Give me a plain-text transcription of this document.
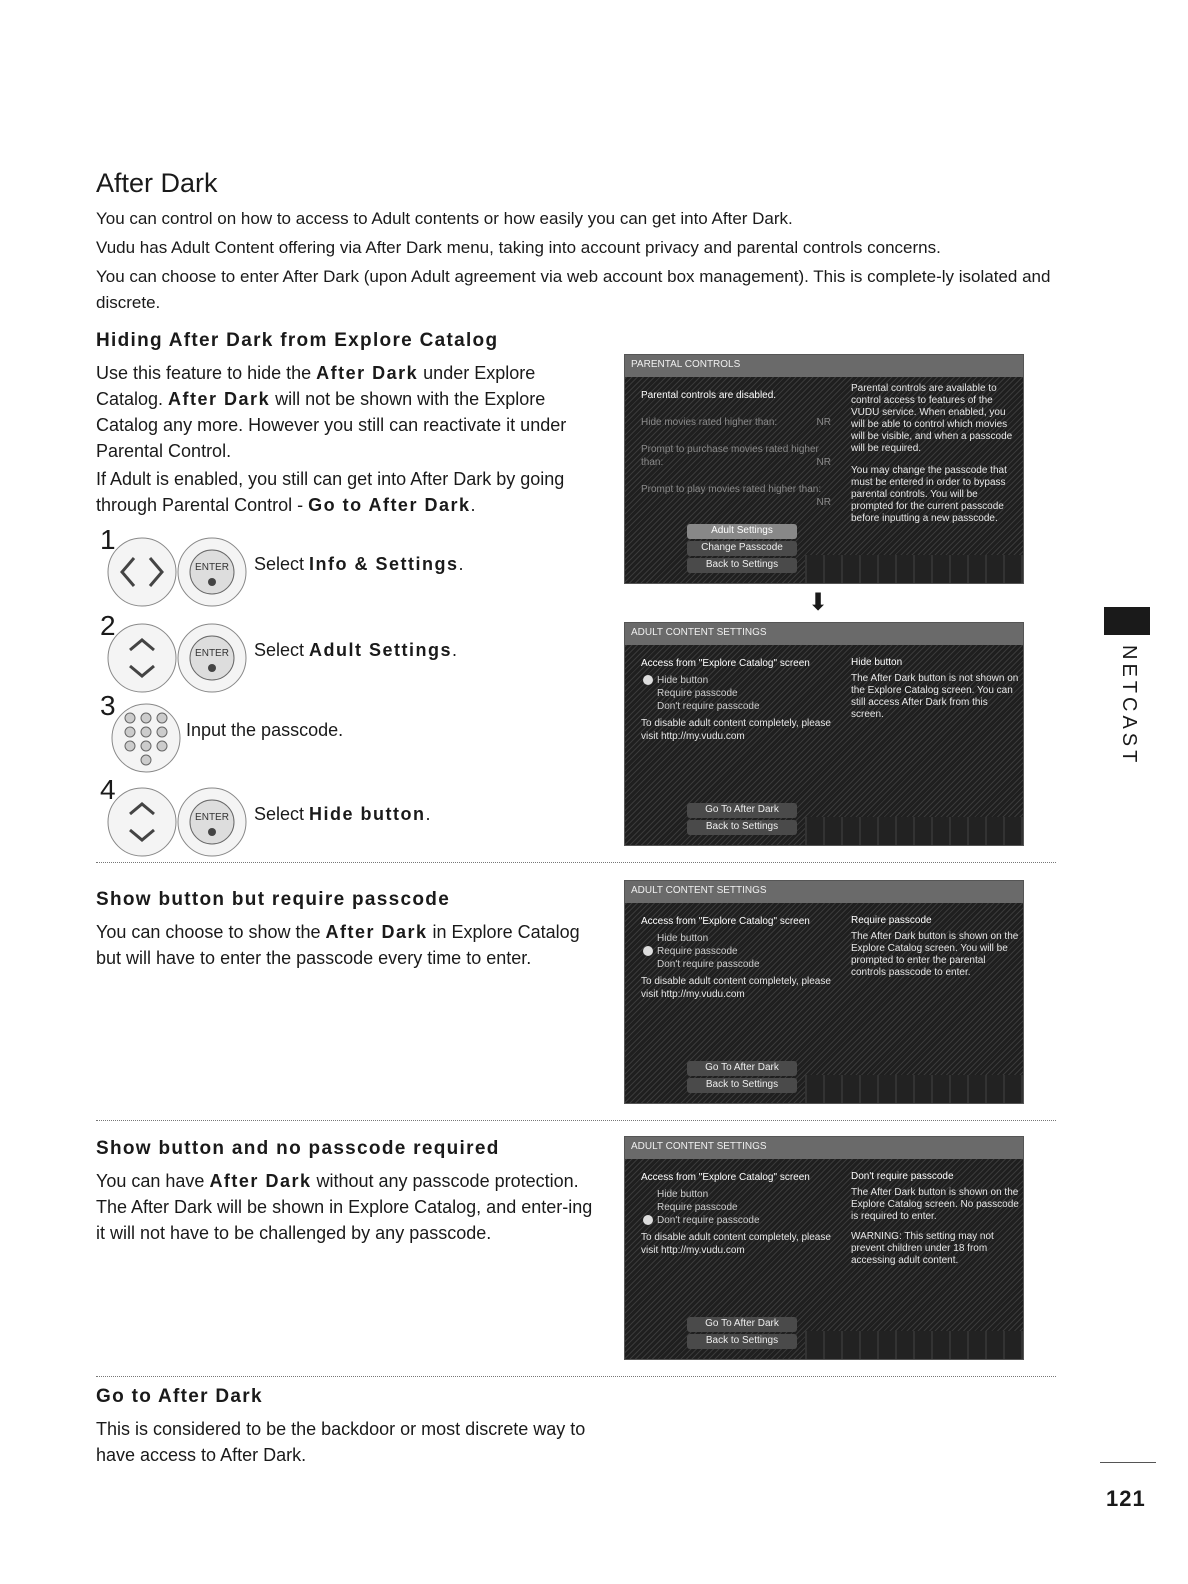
After Dark

You can control on how to access to Adult contents or how easily you can get into After Dark.

Vudu has Adult Content offering via After Dark menu, taking into account privacy and parental controls concerns.

You can choose to enter After Dark (upon Adult agreement via web account box management). This is complete-ly isolated and discrete.

Hiding After Dark from Explore Catalog
Use this feature to hide the After Dark under Explore Catalog. After Dark will not be shown with the Explore Catalog any more. However you still can reactivate it under Parental Control.
If Adult is enabled, you still can get into After Dark by going through Parental Control - Go to After Dark.
1
ENTER Select Info & Settings.
2
ENTER Select Adult Settings.
3
Input the passcode.
4
ENTER Select Hide button.
PARENTAL CONTROLS
Parental controls are disabled.
Hide movies rated higher than:	NR
Prompt to purchase movies rated higher than:	NR
Prompt to play movies rated higher than:
NR
Parental controls are available to control access to features of the VUDU service. When enabled, you will be able to control which movies will be visible, and when a passcode will be required.
You may change the passcode that must be entered in order to bypass parental controls. You will be prompted for the current passcode before inputting a new passcode.
Adult Settings
Change Passcode
Back to Settings
⬇
ADULT CONTENT SETTINGS
Access from "Explore Catalog" screen
Hide button
Require passcode
Don't require passcode
To disable adult content completely, please visit http://my.vudu.com
Hide button
The After Dark button is not shown on the Explore Catalog screen. You can still access After Dark from this screen.
Go To After Dark
Back to Settings
Show button but require passcode
You can choose to show the After Dark in Explore Catalog but will have to enter the passcode every time to enter.
ADULT CONTENT SETTINGS
Access from "Explore Catalog" screen
Hide button
Require passcode
Don't require passcode
To disable adult content completely, please visit http://my.vudu.com
Require passcode
The After Dark button is shown on the Explore Catalog screen. You will be prompted to enter the parental controls passcode to enter.
Go To After Dark
Back to Settings
Show button and no passcode required
You can have After Dark without any passcode protection. The After Dark will be shown in Explore Catalog, and enter-ing it will not have to be challenged by any passcode.
ADULT CONTENT SETTINGS
Access from "Explore Catalog" screen
Hide button
Require passcode
Don't require passcode
To disable adult content completely, please visit http://my.vudu.com
Don't require passcode
The After Dark button is shown on the Explore Catalog screen. No passcode is required to enter.
WARNING: This setting may not prevent children under 18 from accessing adult content.
Go To After Dark
Back to Settings
Go to After Dark
This is considered to be the backdoor or most discrete way to have access to After Dark.
NETCAST
121
